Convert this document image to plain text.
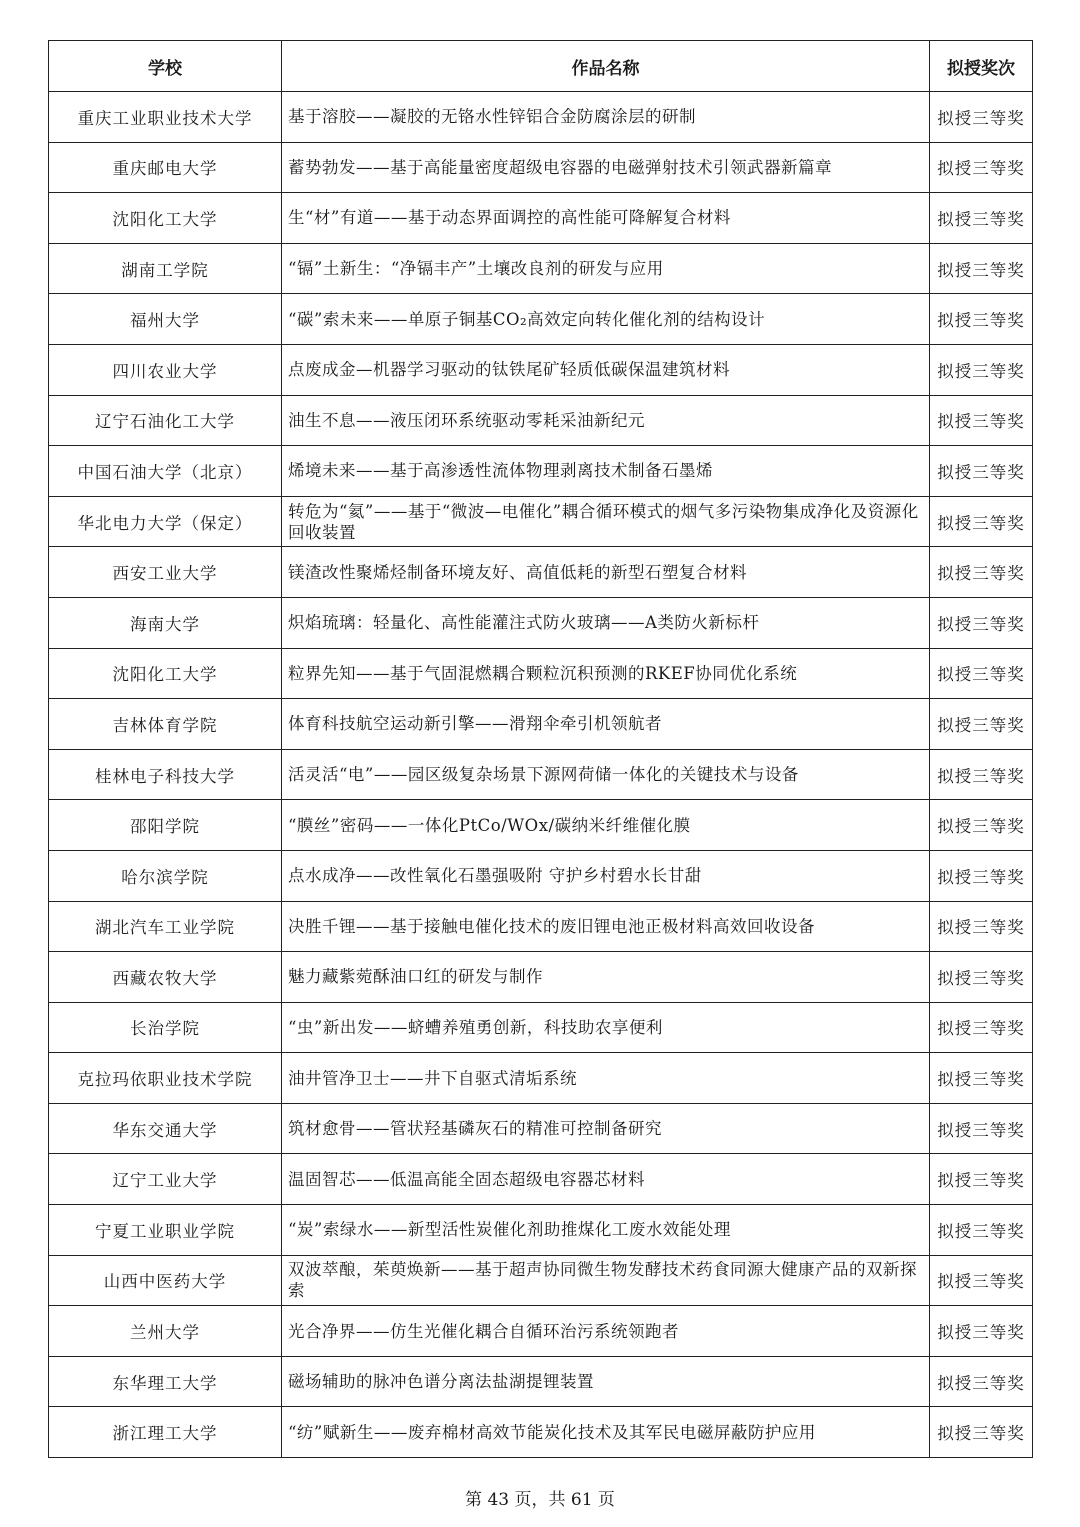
学校	作品名称	拟授奖次
重庆工业职业技术大学	基于溶胶——凝胶的无铬水性锌铝合金防腐涂层的研制	拟授三等奖
重庆邮电大学	蓄势勃发——基于高能量密度超级电容器的电磁弹射技术引领武器新篇章	拟授三等奖
沈阳化工大学	生“材”有道——基于动态界面调控的高性能可降解复合材料	拟授三等奖
湖南工学院	“镉”土新生：“净镉丰产”土壤改良剂的研发与应用	拟授三等奖
福州大学	“碳”索未来——单原子铜基CO₂高效定向转化催化剂的结构设计	拟授三等奖
四川农业大学	点废成金—机器学习驱动的钛铁尾矿轻质低碳保温建筑材料	拟授三等奖
辽宁石油化工大学	油生不息——液压闭环系统驱动零耗采油新纪元	拟授三等奖
中国石油大学（北京）	烯境未来——基于高渗透性流体物理剥离技术制备石墨烯	拟授三等奖
华北电力大学（保定）	转危为“氦”——基于“微波—电催化”耦合循环模式的烟气多污染物集成净化及资源化回收装置	拟授三等奖
西安工业大学	镁渣改性聚烯烃制备环境友好、高值低耗的新型石塑复合材料	拟授三等奖
海南大学	炽焰琉璃：轻量化、高性能灌注式防火玻璃——A类防火新标杆	拟授三等奖
沈阳化工大学	粒界先知——基于气固混燃耦合颗粒沉积预测的RKEF协同优化系统	拟授三等奖
吉林体育学院	体育科技航空运动新引擎——滑翔伞牵引机领航者	拟授三等奖
桂林电子科技大学	活灵活“电”——园区级复杂场景下源网荷储一体化的关键技术与设备	拟授三等奖
邵阳学院	“膜丝”密码——一体化PtCo/WOx/碳纳米纤维催化膜	拟授三等奖
哈尔滨学院	点水成净——改性氧化石墨强吸附 守护乡村碧水长甘甜	拟授三等奖
湖北汽车工业学院	决胜千锂——基于接触电催化技术的废旧锂电池正极材料高效回收设备	拟授三等奖
西藏农牧大学	魅力藏紫菀酥油口红的研发与制作	拟授三等奖
长治学院	“虫”新出发——蛴螬养殖勇创新，科技助农享便利	拟授三等奖
克拉玛依职业技术学院	油井管净卫士——井下自驱式清垢系统	拟授三等奖
华东交通大学	筑材愈骨——管状羟基磷灰石的精准可控制备研究	拟授三等奖
辽宁工业大学	温固智芯——低温高能全固态超级电容器芯材料	拟授三等奖
宁夏工业职业学院	“炭”索绿水——新型活性炭催化剂助推煤化工废水效能处理	拟授三等奖
山西中医药大学	双波萃酿，茱萸焕新——基于超声协同微生物发酵技术药食同源大健康产品的双新探索	拟授三等奖
兰州大学	光合净界——仿生光催化耦合自循环治污系统领跑者	拟授三等奖
东华理工大学	磁场辅助的脉冲色谱分离法盐湖提锂装置	拟授三等奖
浙江理工大学	“纺”赋新生——废弃棉材高效节能炭化技术及其军民电磁屏蔽防护应用	拟授三等奖
第 43 页，共 61 页
